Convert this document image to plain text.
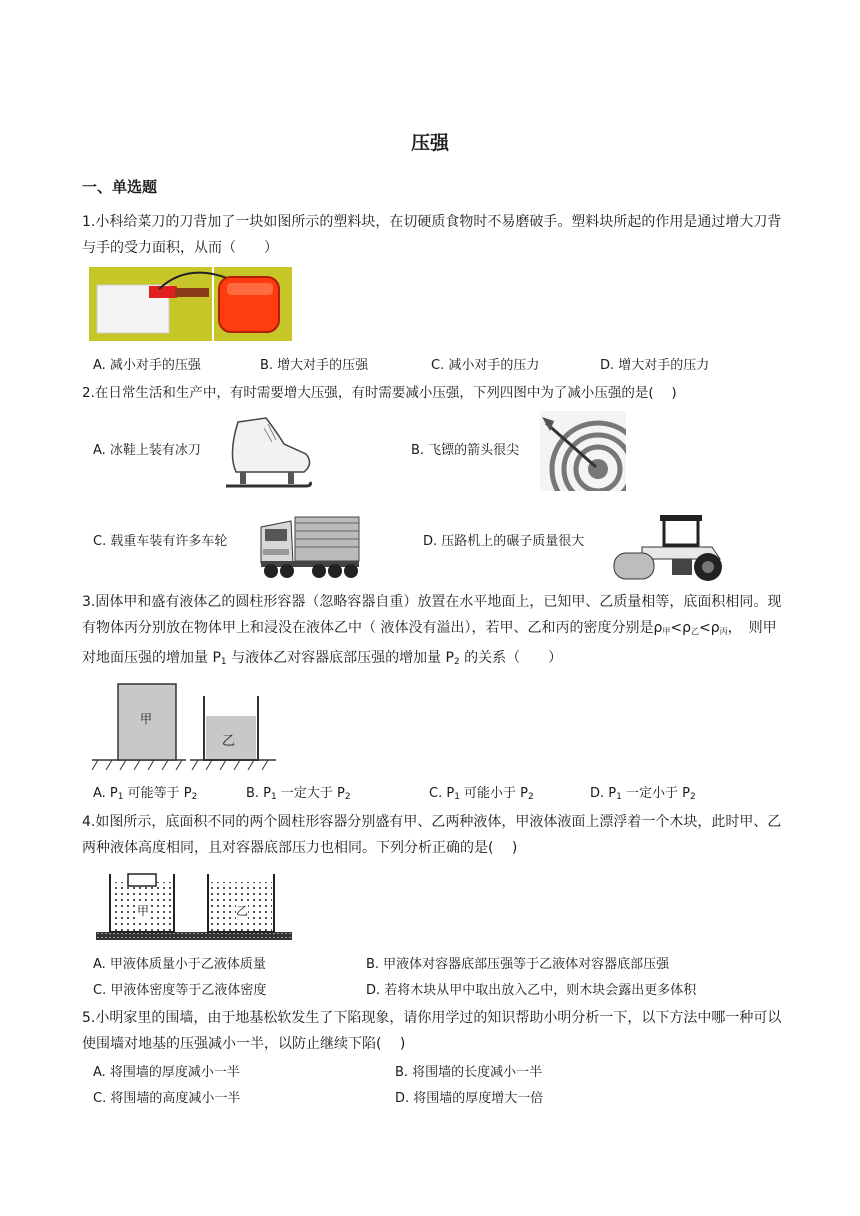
压强
一、单选题
1.小科给菜刀的刀背加了一块如图所示的塑料块，在切硬质食物时不易磨破手。塑料块所起的作用是通过增大刀背与手的受力面积，从而（　　）
A. 减小对手的压强	B. 增大对手的压强	C. 减小对手的压力	D. 增大对手的压力
2.在日常生活和生产中，有时需要增大压强，有时需要减小压强，下列四图中为了减小压强的是(　 )
A. 冰鞋上装有冰刀	B. 飞镖的箭头很尖
C. 载重车装有许多车轮	D. 压路机上的碾子质量很大
3.固体甲和盛有液体乙的圆柱形容器（忽略容器自重）放置在水平地面上，已知甲、乙质量相等，底面积相同。现有物体丙分别放在物体甲上和浸没在液体乙中（ 液体没有溢出），若甲、乙和丙的密度分别是$\rho_甲<\rho_乙<\rho_丙$，　则甲对地面压强的增加量 $P_1$ 与液体乙对容器底部压强的增加量 $P_2$ 的关系（　　）
甲
乙
A. $P_1$ 可能等于 $P_2$	B. $P_1$ 一定大于 $P_2$	C. $P_1$ 可能小于 $P_2$	D. $P_1$ 一定小于 $P_2$
4.如图所示，底面积不同的两个圆柱形容器分别盛有甲、乙两种液体，甲液体液面上漂浮着一个木块，此时甲、乙两种液体高度相同，且对容器底部压力也相同。下列分析正确的是(　 )
甲	乙
A. 甲液体质量小于乙液体质量	B. 甲液体对容器底部压强等于乙液体对容器底部压强
C. 甲液体密度等于乙液体密度	D. 若将木块从甲中取出放入乙中，则木块会露出更多体积
5.小明家里的围墙，由于地基松软发生了下陷现象，请你用学过的知识帮助小明分析一下，以下方法中哪一种可以使围墙对地基的压强减小一半，以防止继续下陷(　 )
A. 将围墙的厚度减小一半	B. 将围墙的长度减小一半
C. 将围墙的高度减小一半	D. 将围墙的厚度增大一倍
